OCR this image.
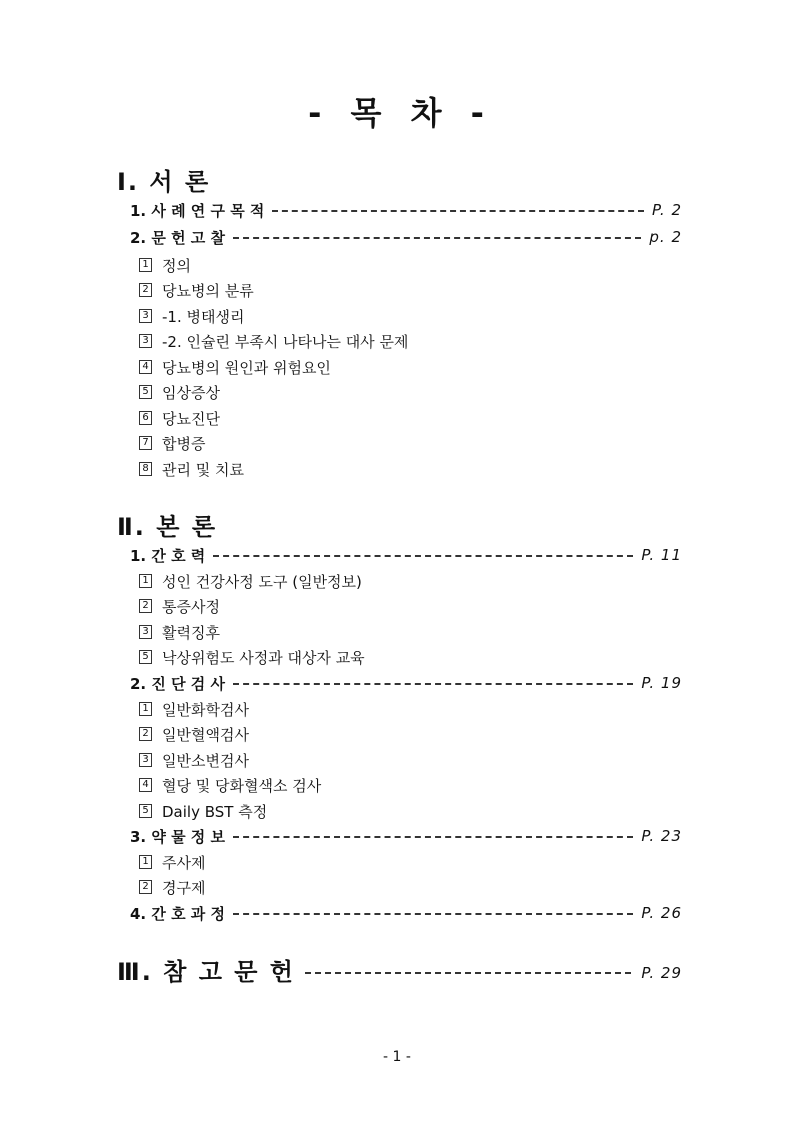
- 목 차 -
Ⅰ. 서 론
1. 사 례 연 구 목 적	P. 2
2. 문 헌 고 찰	p. 2
1 정의
2 당뇨병의 분류
3 -1. 병태생리
3 -2. 인슐린 부족시 나타나는 대사 문제
4 당뇨병의 원인과 위험요인
5 임상증상
6 당뇨진단
7 합병증
8 관리 및 치료
Ⅱ. 본 론
1. 간 호 력	P. 11
1 성인 건강사정 도구 (일반정보)
2 통증사정
3 활력징후
5 낙상위험도 사정과 대상자 교육
2. 진 단 검 사	P. 19
1 일반화학검사
2 일반혈액검사
3 일반소변검사
4 혈당 및 당화혈색소 검사
5 Daily BST 측정
3. 약 물 정 보	P. 23
1 주사제
2 경구제
4. 간 호 과 정	P. 26
Ⅲ. 참 고 문 헌	P. 29
- 1 -
